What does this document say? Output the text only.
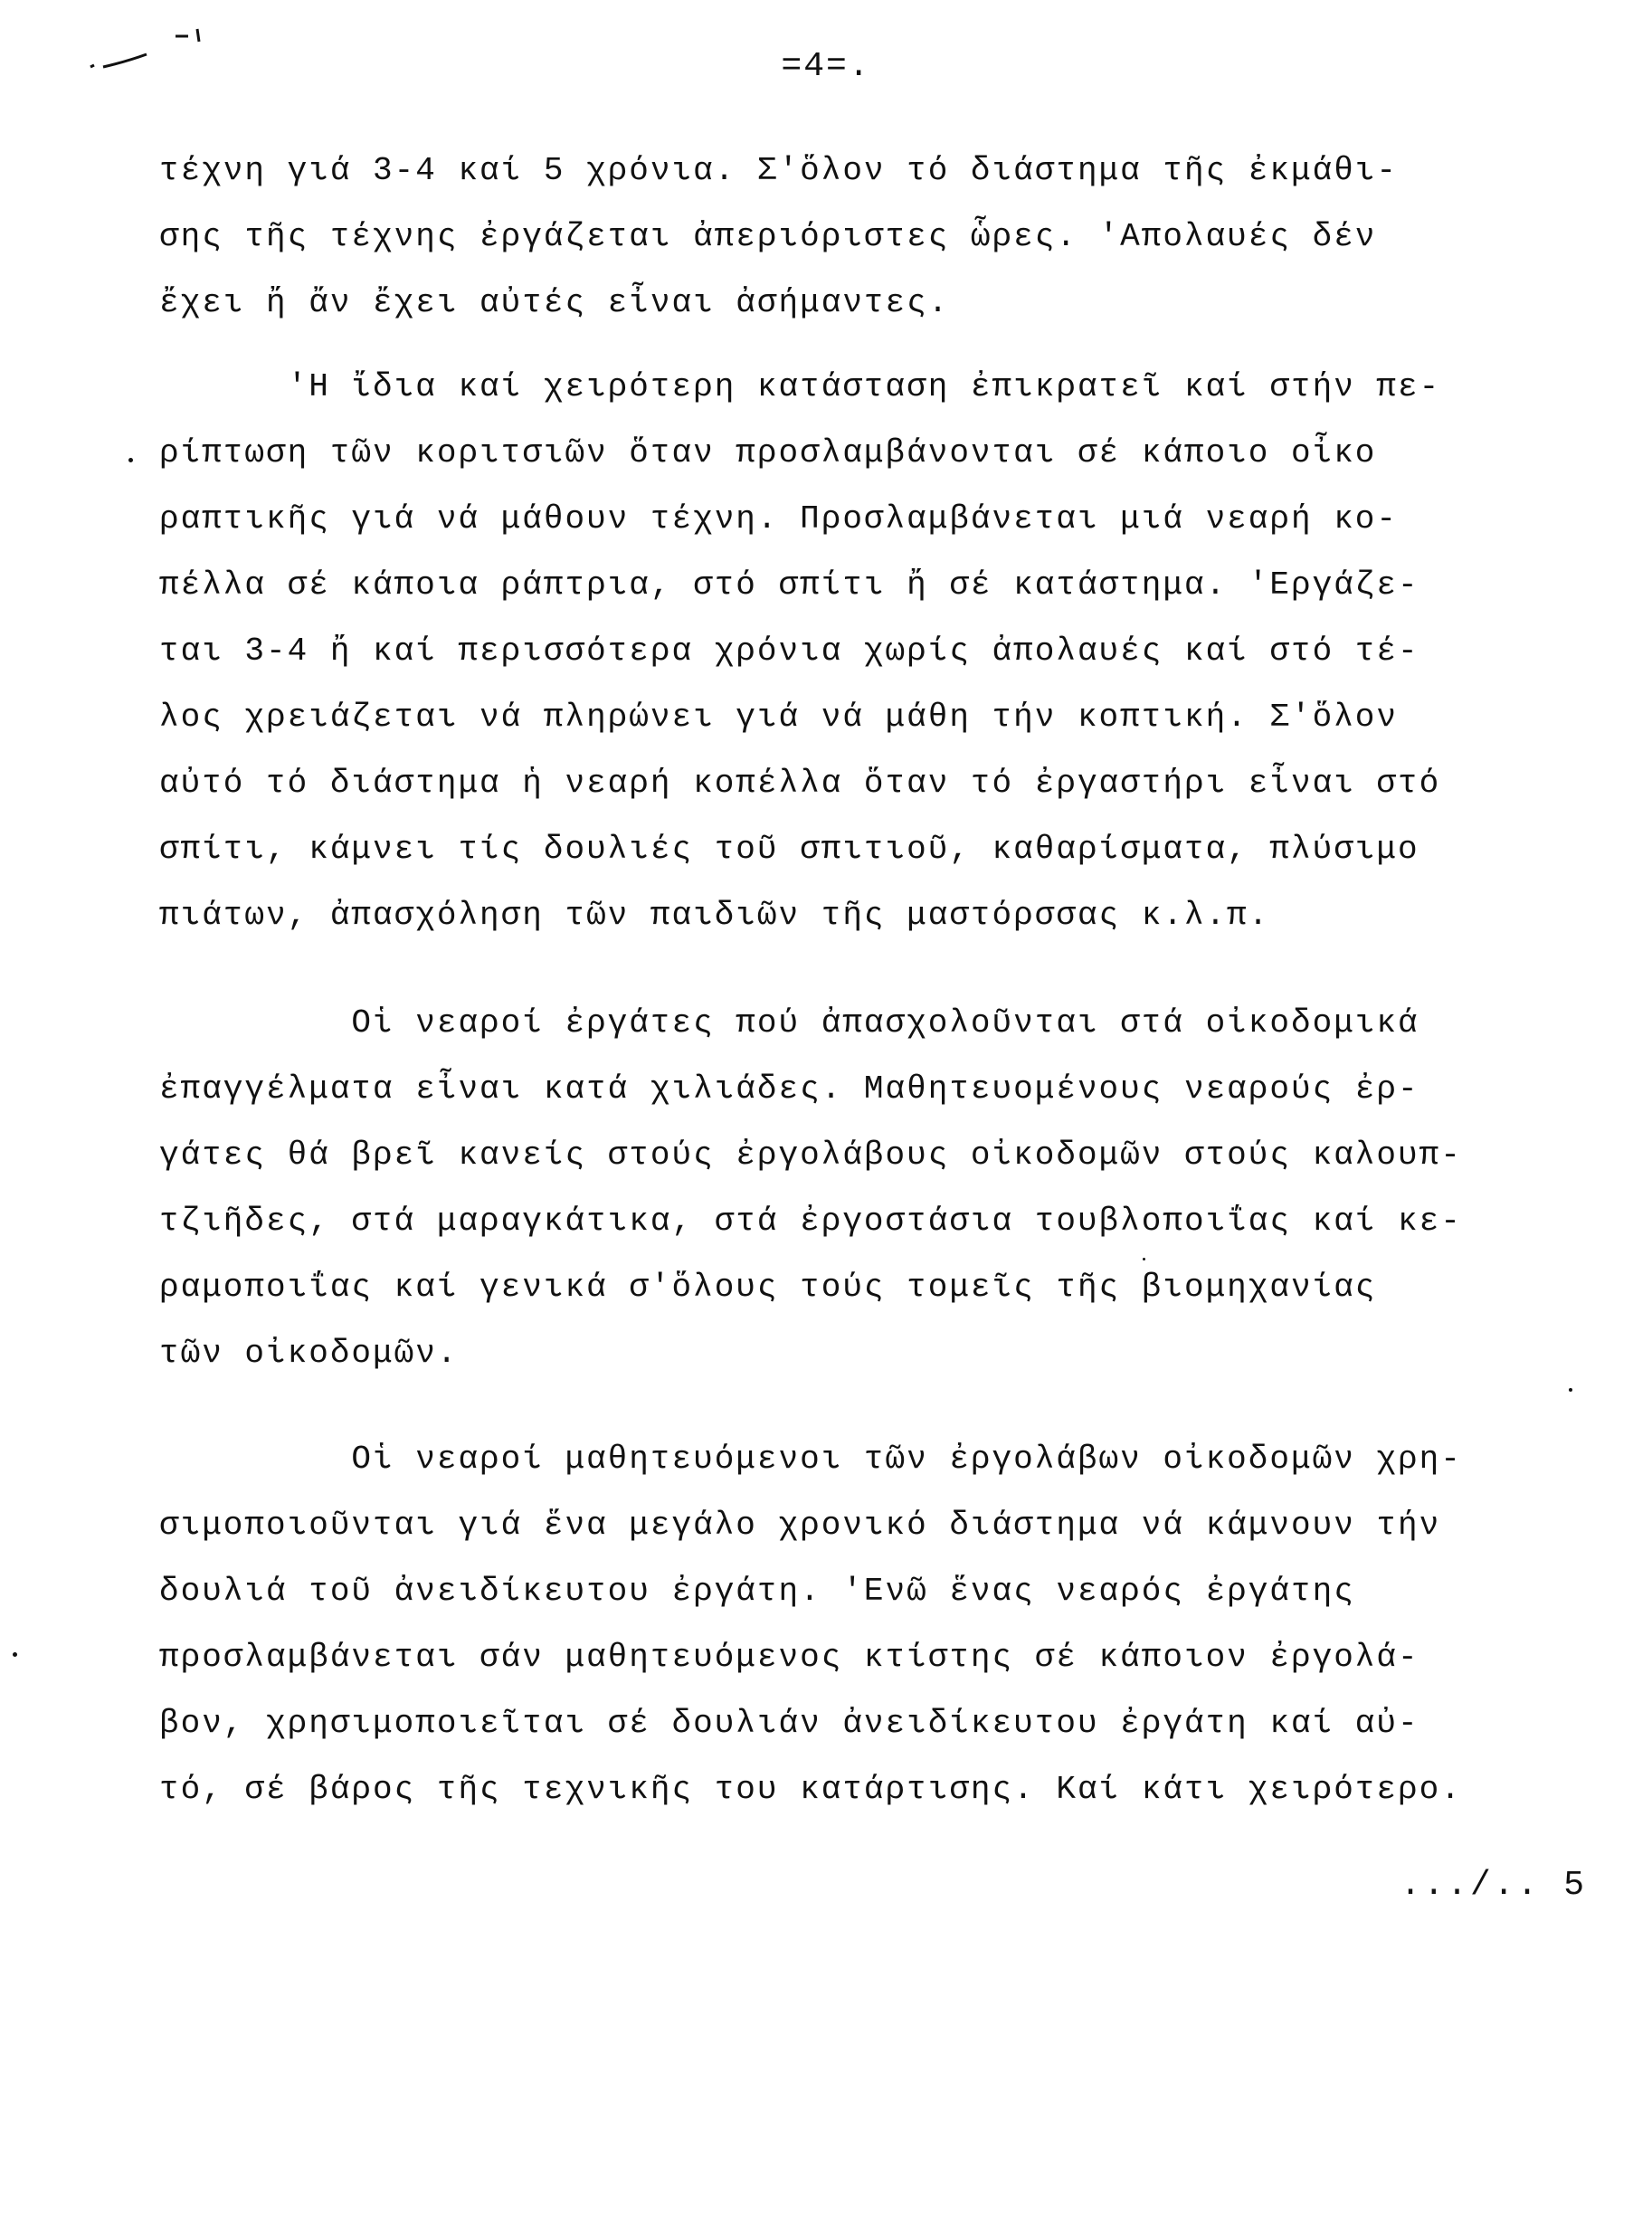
=4=.
τέχνη γιά 3-4 καί 5 χρόνια. Σ'ὅλον τό διάστημα τῆς ἐκμάθι-
σης τῆς τέχνης ἐργάζεται ἀπεριόριστες ὧρες. 'Απολαυές δέν
ἔχει ἤ ἄν ἔχει αὐτές εἶναι ἀσήμαντες.
'Η ἴδια καί χειρότερη κατάσταση ἐπικρατεῖ καί στήν πε-
ρίπτωση τῶν κοριτσιῶν ὅταν προσλαμβάνονται σέ κάποιο οἶκο
ραπτικῆς γιά νά μάθουν τέχνη. Προσλαμβάνεται μιά νεαρή κο-
πέλλα σέ κάποια ράπτρια, στό σπίτι ἤ σέ κατάστημα. 'Εργάζε-
ται 3-4 ἤ καί περισσότερα χρόνια χωρίς ἀπολαυές καί στό τέ-
λος χρειάζεται νά πληρώνει γιά νά μάθη τήν κοπτική. Σ'ὅλον
αὐτό τό διάστημα ἡ νεαρή κοπέλλα ὅταν τό ἐργαστήρι εἶναι στό
σπίτι, κάμνει τίς δουλιές τοῦ σπιτιοῦ, καθαρίσματα, πλύσιμο
πιάτων, ἀπασχόληση τῶν παιδιῶν τῆς μαστόρσσας κ.λ.π.
Οἱ νεαροί ἐργάτες πού ἀπασχολοῦνται στά οἰκοδομικά
ἐπαγγέλματα εἶναι κατά χιλιάδες. Μαθητευομένους νεαρούς ἐρ-
γάτες θά βρεῖ κανείς στούς ἐργολάβους οἰκοδομῶν στούς καλουπ-
τζιῆδες, στά μαραγκάτικα, στά ἐργοστάσια τουβλοποιΐας καί κε-
ραμοποιΐας καί γενικά σ'ὅλους τούς τομεῖς τῆς βιομηχανίας
τῶν οἰκοδομῶν.
Οἱ νεαροί μαθητευόμενοι τῶν ἐργολάβων οἰκοδομῶν χρη-
σιμοποιοῦνται γιά ἕνα μεγάλο χρονικό διάστημα νά κάμνουν τήν
δουλιά τοῦ ἀνειδίκευτου ἐργάτη. 'Ενῶ ἕνας νεαρός ἐργάτης
προσλαμβάνεται σάν μαθητευόμενος κτίστης σέ κάποιον ἐργολά-
βον, χρησιμοποιεῖται σέ δουλιάν ἀνειδίκευτου ἐργάτη καί αὐ-
τό, σέ βάρος τῆς τεχνικῆς του κατάρτισης. Καί κάτι χειρότερο.
.../.. 5
